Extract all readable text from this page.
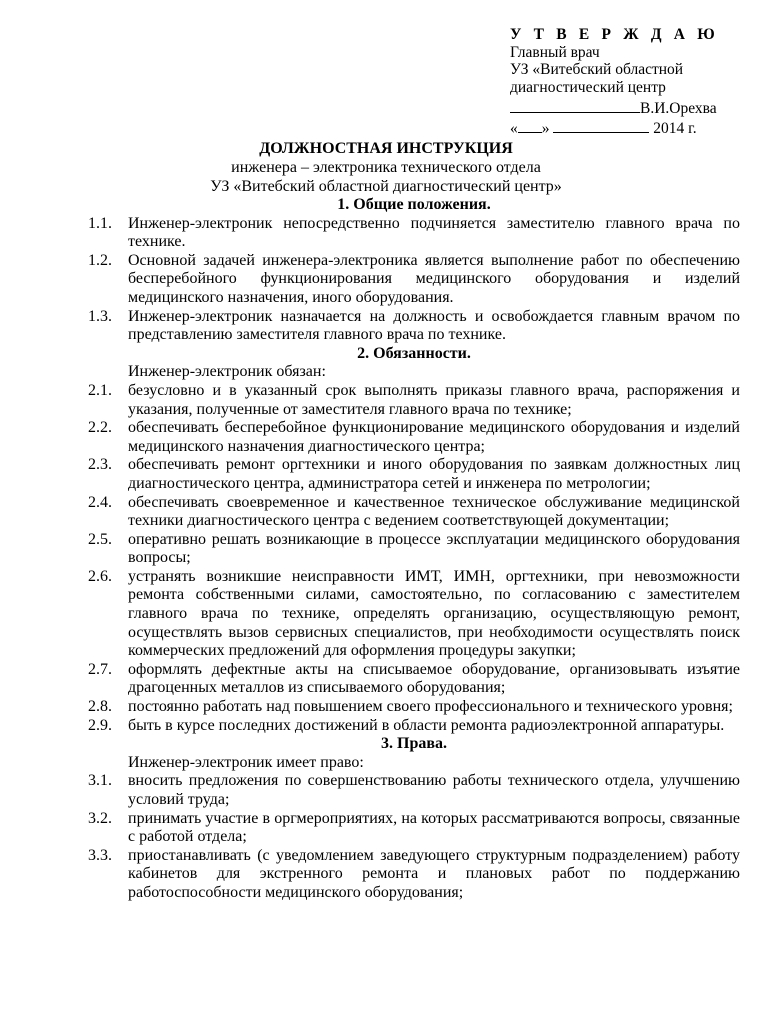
У Т В Е Р Ж Д А Ю
Главный врач
УЗ «Витебский областной
диагностический центр
В.И.Орехва
« »	2014 г.
ДОЛЖНОСТНАЯ ИНСТРУКЦИЯ
инженера – электроника технического отдела
УЗ «Витебский областной диагностический центр»
1. Общие положения.
1.1.	Инженер-электроник непосредственно подчиняется заместителю главного врача по технике.
1.2.	Основной задачей инженера-электроника является выполнение работ по обеспечению бесперебойного функционирования медицинского оборудования и изделий медицинского назначения, иного оборудования.
1.3.	Инженер-электроник назначается на должность и освобождается главным врачом по представлению заместителя главного врача по технике.
2. Обязанности.
Инженер-электроник обязан:
2.1.	безусловно и в указанный срок выполнять приказы главного врача, распоряжения и указания, полученные от заместителя главного врача по технике;
2.2.	обеспечивать бесперебойное функционирование медицинского оборудования и изделий медицинского назначения диагностического центра;
2.3.	обеспечивать ремонт оргтехники и иного оборудования по заявкам должностных лиц диагностического центра, администратора сетей и инженера по метрологии;
2.4.	обеспечивать своевременное и качественное техническое обслуживание медицинской техники диагностического центра с ведением соответствующей документации;
2.5.	оперативно решать возникающие в процессе эксплуатации медицинского оборудования вопросы;
2.6.	устранять возникшие неисправности ИМТ, ИМН, оргтехники, при невозможности ремонта собственными силами, самостоятельно, по согласованию с заместителем главного врача по технике, определять организацию, осуществляющую ремонт, осуществлять вызов сервисных специалистов, при необходимости осуществлять поиск коммерческих предложений для оформления процедуры закупки;
2.7.	оформлять дефектные акты на списываемое оборудование, организовывать изъятие драгоценных металлов из списываемого оборудования;
2.8.	постоянно работать над повышением своего профессионального и технического уровня;
2.9.	быть в курсе последних достижений в области ремонта радиоэлектронной аппаратуры.
3. Права.
Инженер-электроник имеет право:
3.1.	вносить предложения по совершенствованию работы технического отдела, улучшению условий труда;
3.2.	принимать участие в оргмероприятиях, на которых рассматриваются вопросы, связанные с работой отдела;
3.3.	приостанавливать (с уведомлением заведующего структурным подразделением) работу кабинетов для экстренного ремонта и плановых работ по поддержанию работоспособности медицинского оборудования;
